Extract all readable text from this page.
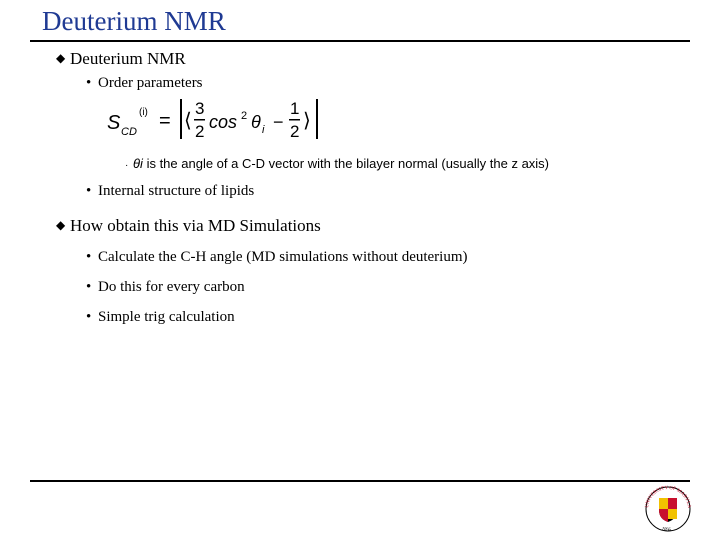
Deuterium NMR
◆ Deuterium NMR
• Order parameters
S CD
(i) = ⟨
3
2 cos 2 θ i −
1
2 ⟩
· θi is the angle of a C-D vector with the bilayer normal (usually the z axis)
• Internal structure of lipids
◆ How obtain this via MD Simulations
• Calculate the C-H angle (MD simulations without deuterium)
• Do this for every carbon
• Simple trig calculation
UNIVERSITY OF MARYLA
1856
